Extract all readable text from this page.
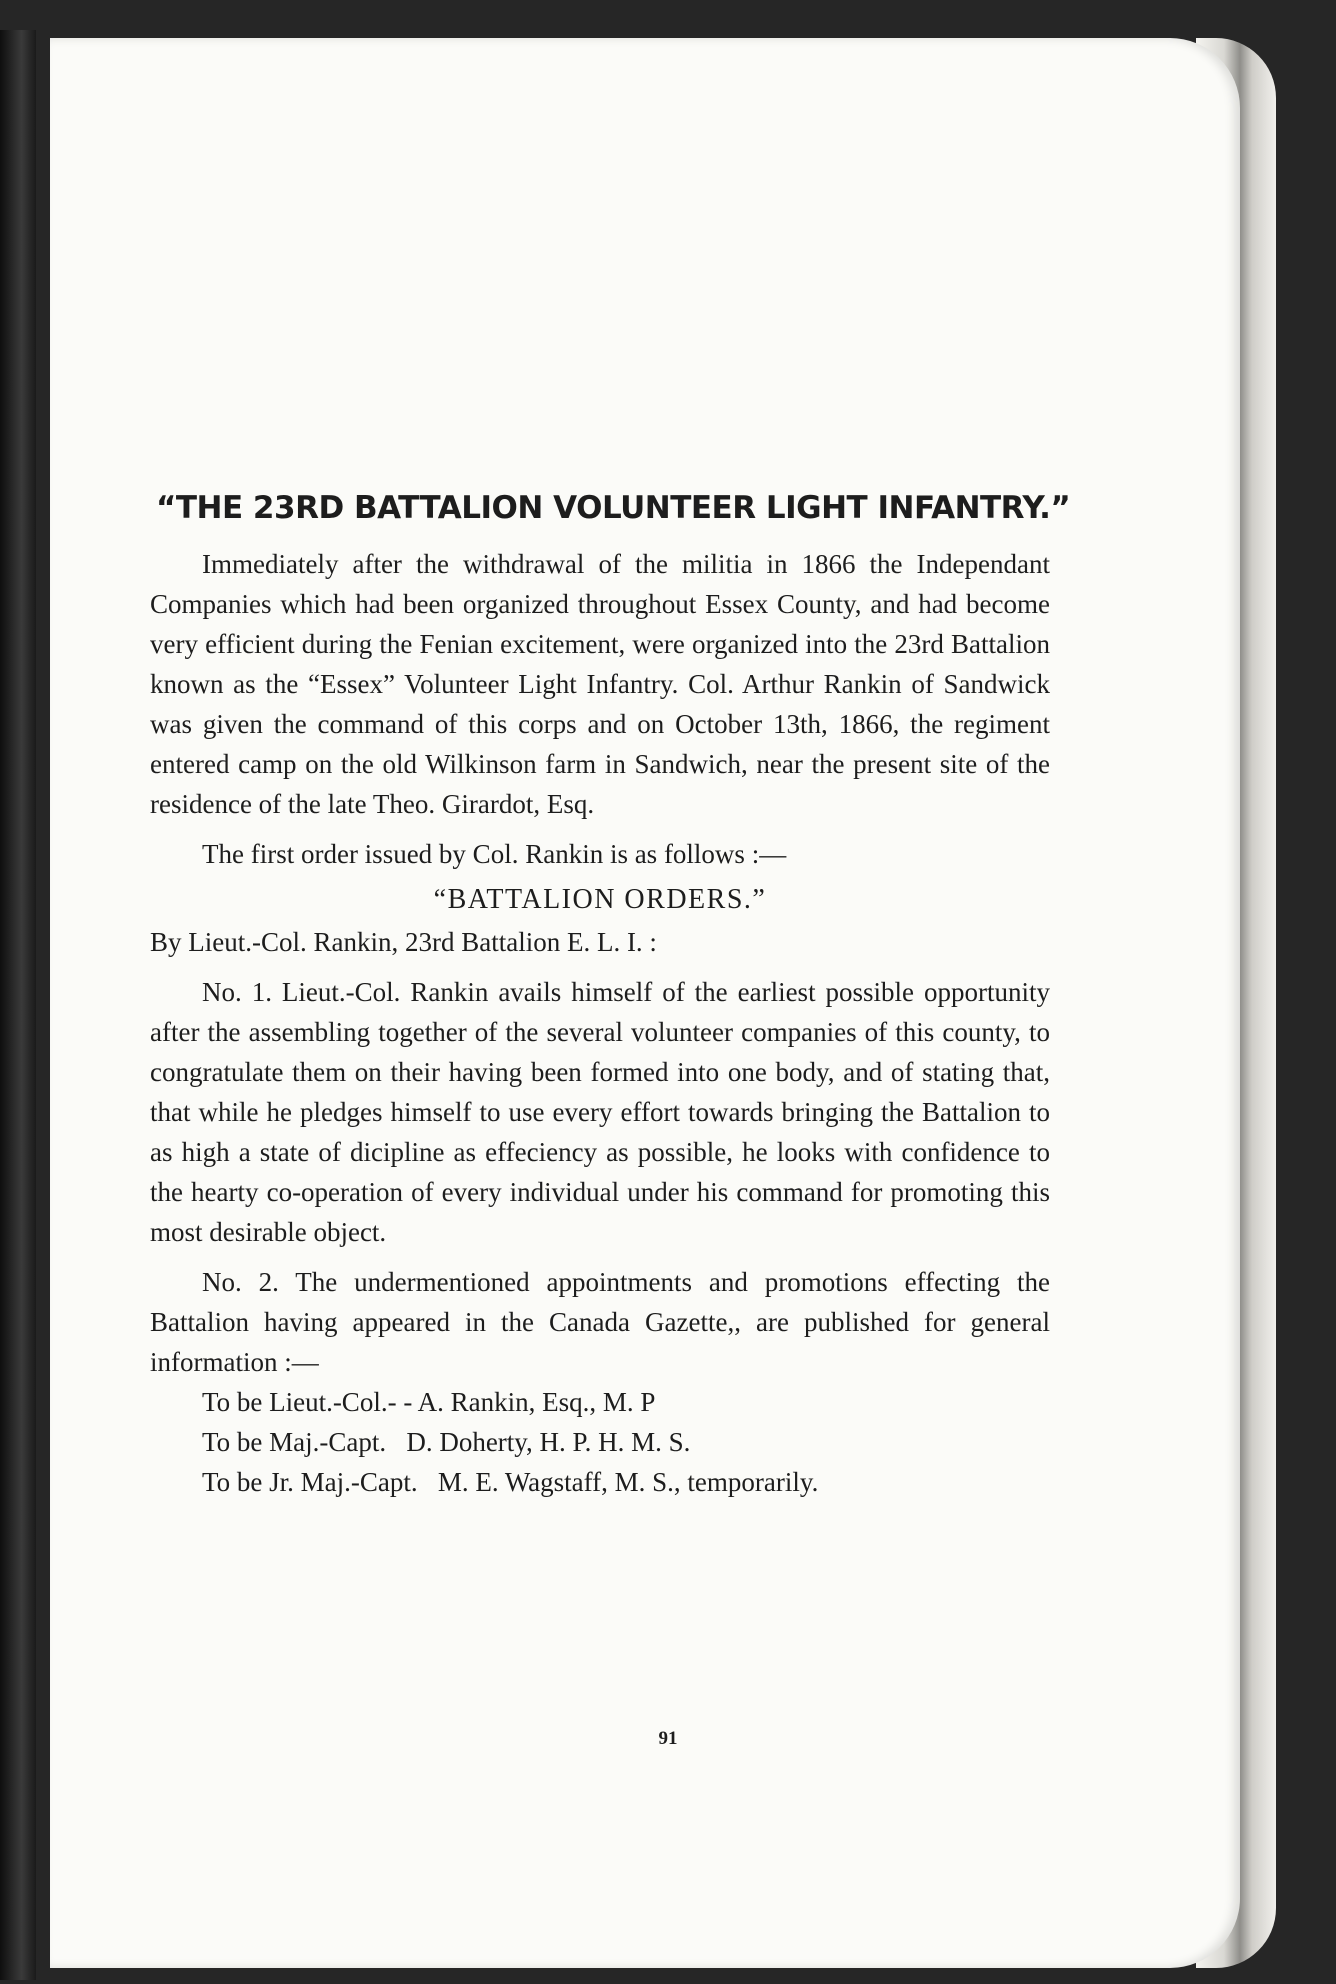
“THE 23RD BATTALION VOLUNTEER LIGHT INFANTRY.”

Immediately after the withdrawal of the militia in 1866 the Independant Companies which had been organized throughout Essex County, and had become very efficient during the Fenian excitement, were organized into the 23rd Battalion known as the “Essex” Volunteer Light Infantry. Col. Arthur Rankin of Sandwick was given the command of this corps and on October 13th, 1866, the regiment entered camp on the old Wilkinson farm in Sandwich, near the present site of the residence of the late Theo. Girardot, Esq.

The first order issued by Col. Rankin is as follows :—

“BATTALION ORDERS.”

By Lieut.-Col. Rankin, 23rd Battalion E. L. I. :

No. 1. Lieut.-Col. Rankin avails himself of the earliest possible opportunity after the assembling together of the several volunteer companies of this county, to congratulate them on their having been formed into one body, and of stating that, that while he pledges himself to use every effort towards bringing the Battalion to as high a state of dicipline as effeciency as possible, he looks with confidence to the hearty co-operation of every individual under his command for promoting this most desirable object.

No. 2. The undermentioned appointments and promotions effecting the Battalion having appeared in the Canada Gazette,, are published for general information :—

To be Lieut.-Col.- - A. Rankin, Esq., M. P
To be Maj.-Capt. D. Doherty, H. P. H. M. S.
To be Jr. Maj.-Capt. M. E. Wagstaff, M. S., temporarily.
91
